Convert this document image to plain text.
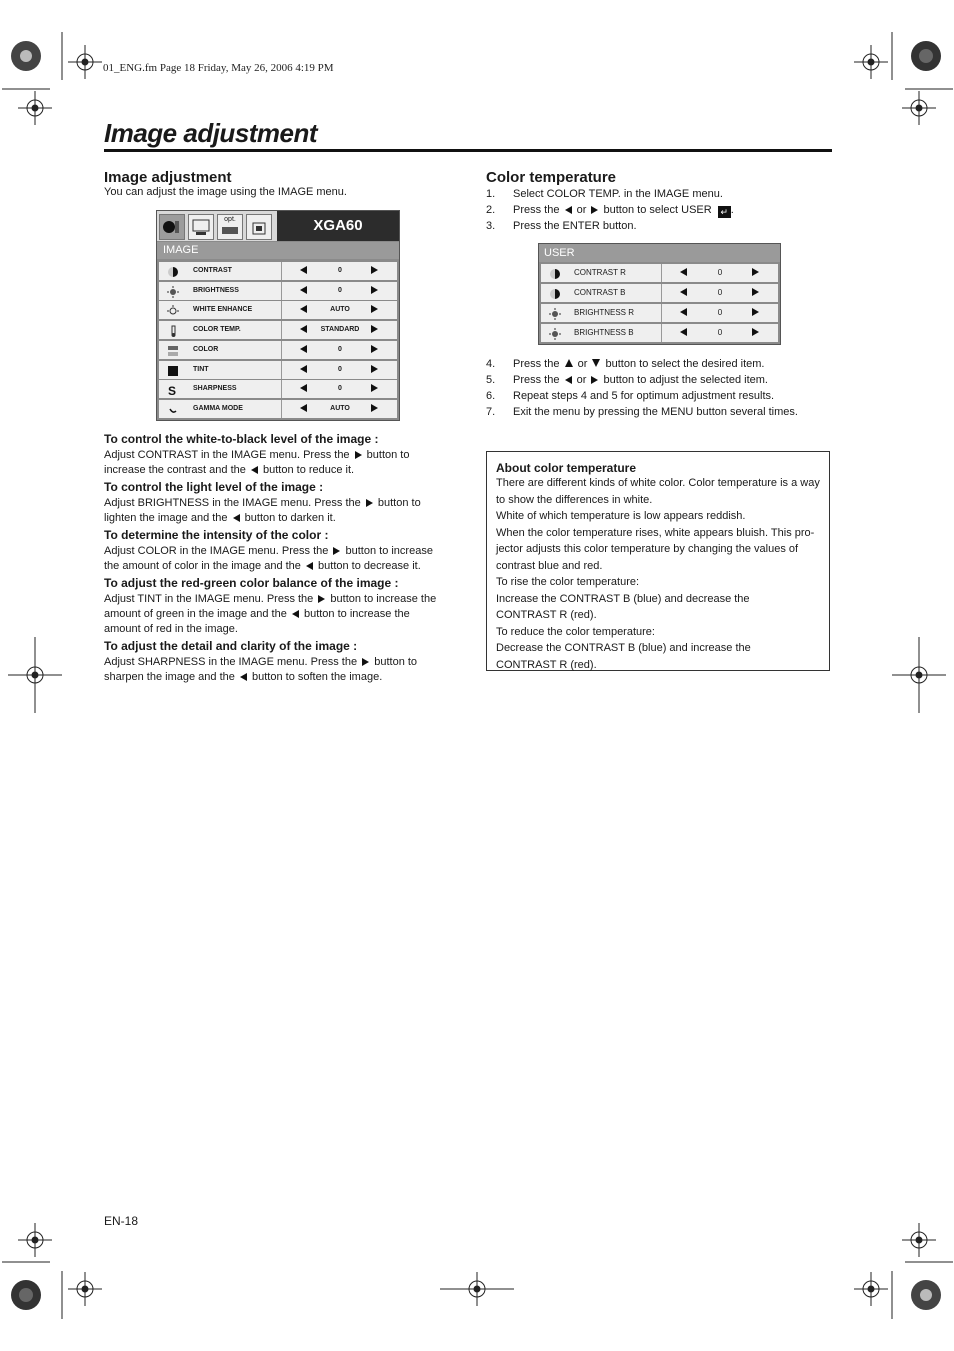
01_ENG.fm Page 18 Friday, May 26, 2006 4:19 PM
Image adjustment
Image adjustment
You can adjust the image using the IMAGE menu.
opt.	XGA60
IMAGE
CONTRAST	0
BRIGHTNESS	0
WHITE ENHANCE	AUTO
COLOR TEMP.	STANDARD
COLOR	0
TINT	0
S SHARPNESS	0
GAMMA MODE	AUTO
To control the white-to-black level of the image :
Adjust CONTRAST in the IMAGE menu. Press the  button to
increase the contrast and the  button to reduce it.
To control the light level of the image :
Adjust BRIGHTNESS in the IMAGE menu. Press the  button to
lighten the image and the  button to darken it.
To determine the intensity of the color :
Adjust COLOR in the IMAGE menu. Press the  button to increase
the amount of color in the image and the  button to decrease it.
To adjust the red-green color balance of the image :
Adjust TINT in the IMAGE menu. Press the  button to increase the
amount of green in the image and the  button to increase the
amount of red in the image.
To adjust the detail and clarity of the image :
Adjust SHARPNESS in the IMAGE menu. Press the  button to
sharpen the image and the  button to soften the image.
Color temperature
1. Select COLOR TEMP. in the IMAGE menu.
2. Press the  or  button to select USER ↵ .
3. Press the ENTER button.
USER
CONTRAST R	0
CONTRAST B	0
BRIGHTNESS R	0
BRIGHTNESS B	0
4. Press the  or  button to select the desired item.
5. Press the  or  button to adjust the selected item.
6. Repeat steps 4 and 5 for optimum adjustment results.
7. Exit the menu by pressing the MENU button several times.
About color temperature

There are different kinds of white color. Color temperature is a way

to show the differences in white.

White of which temperature is low appears reddish.

When the color temperature rises, white appears bluish. This pro-

jector adjusts this color temperature by changing the values of

contrast blue and red.

To rise the color temperature:

Increase the CONTRAST B (blue) and decrease the

CONTRAST R (red).

To reduce the color temperature:

Decrease the CONTRAST B (blue) and increase the

CONTRAST R (red).

EN-18
